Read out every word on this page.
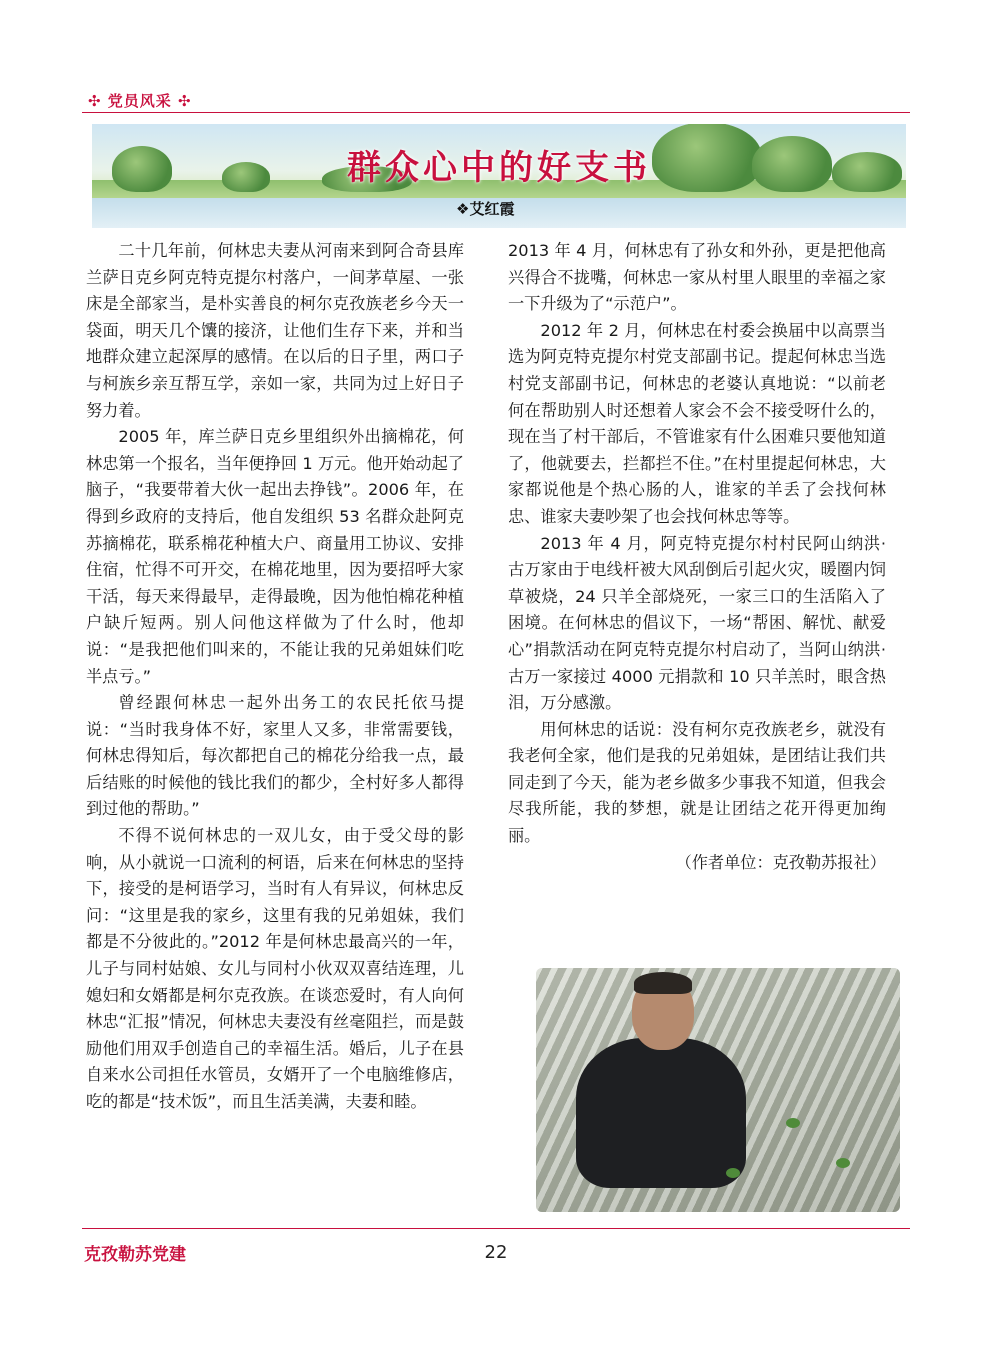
✣ 党员风采 ✣
群众心中的好支书
❖艾红霞

二十几年前，何林忠夫妻从河南来到阿合奇县库兰萨日克乡阿克特克提尔村落户，一间茅草屋、一张床是全部家当，是朴实善良的柯尔克孜族老乡今天一袋面，明天几个馕的接济，让他们生存下来，并和当地群众建立起深厚的感情。在以后的日子里，两口子与柯族乡亲互帮互学，亲如一家，共同为过上好日子努力着。

2005 年，库兰萨日克乡里组织外出摘棉花，何林忠第一个报名，当年便挣回 1 万元。他开始动起了脑子，“我要带着大伙一起出去挣钱”。2006 年，在得到乡政府的支持后，他自发组织 53 名群众赴阿克苏摘棉花，联系棉花种植大户、商量用工协议、安排住宿，忙得不可开交，在棉花地里，因为要招呼大家干活，每天来得最早，走得最晚，因为他怕棉花种植户缺斤短两。别人问他这样做为了什么时，他却说：“是我把他们叫来的，不能让我的兄弟姐妹们吃半点亏。”

曾经跟何林忠一起外出务工的农民托依马提说：“当时我身体不好，家里人又多，非常需要钱，何林忠得知后，每次都把自己的棉花分给我一点，最后结账的时候他的钱比我们的都少，全村好多人都得到过他的帮助。”

不得不说何林忠的一双儿女，由于受父母的影响，从小就说一口流利的柯语，后来在何林忠的坚持下，接受的是柯语学习，当时有人有异议，何林忠反问：“这里是我的家乡，这里有我的兄弟姐妹，我们都是不分彼此的。”2012 年是何林忠最高兴的一年，儿子与同村姑娘、女儿与同村小伙双双喜结连理，儿媳妇和女婿都是柯尔克孜族。在谈恋爱时，有人向何林忠“汇报”情况，何林忠夫妻没有丝毫阻拦，而是鼓励他们用双手创造自己的幸福生活。婚后，儿子在县自来水公司担任水管员，女婿开了一个电脑维修店，吃的都是“技术饭”，而且生活美满，夫妻和睦。

2013 年 4 月，何林忠有了孙女和外孙，更是把他高兴得合不拢嘴，何林忠一家从村里人眼里的幸福之家一下升级为了“示范户”。

2012 年 2 月，何林忠在村委会换届中以高票当选为阿克特克提尔村党支部副书记。提起何林忠当选村党支部副书记，何林忠的老婆认真地说：“以前老何在帮助别人时还想着人家会不会不接受呀什么的，现在当了村干部后，不管谁家有什么困难只要他知道了，他就要去，拦都拦不住。”在村里提起何林忠，大家都说他是个热心肠的人，谁家的羊丢了会找何林忠、谁家夫妻吵架了也会找何林忠等等。

2013 年 4 月，阿克特克提尔村村民阿山纳洪·古万家由于电线杆被大风刮倒后引起火灾，暖圈内饲草被烧，24 只羊全部烧死，一家三口的生活陷入了困境。在何林忠的倡议下，一场“帮困、解忧、献爱心”捐款活动在阿克特克提尔村启动了，当阿山纳洪·古万一家接过 4000 元捐款和 10 只羊羔时，眼含热泪，万分感激。

用何林忠的话说：没有柯尔克孜族老乡，就没有我老何全家，他们是我的兄弟姐妹，是团结让我们共同走到了今天，能为老乡做多少事我不知道，但我会尽我所能，我的梦想，就是让团结之花开得更加绚丽。

（作者单位：克孜勒苏报社）

克孜勒苏党建	22
